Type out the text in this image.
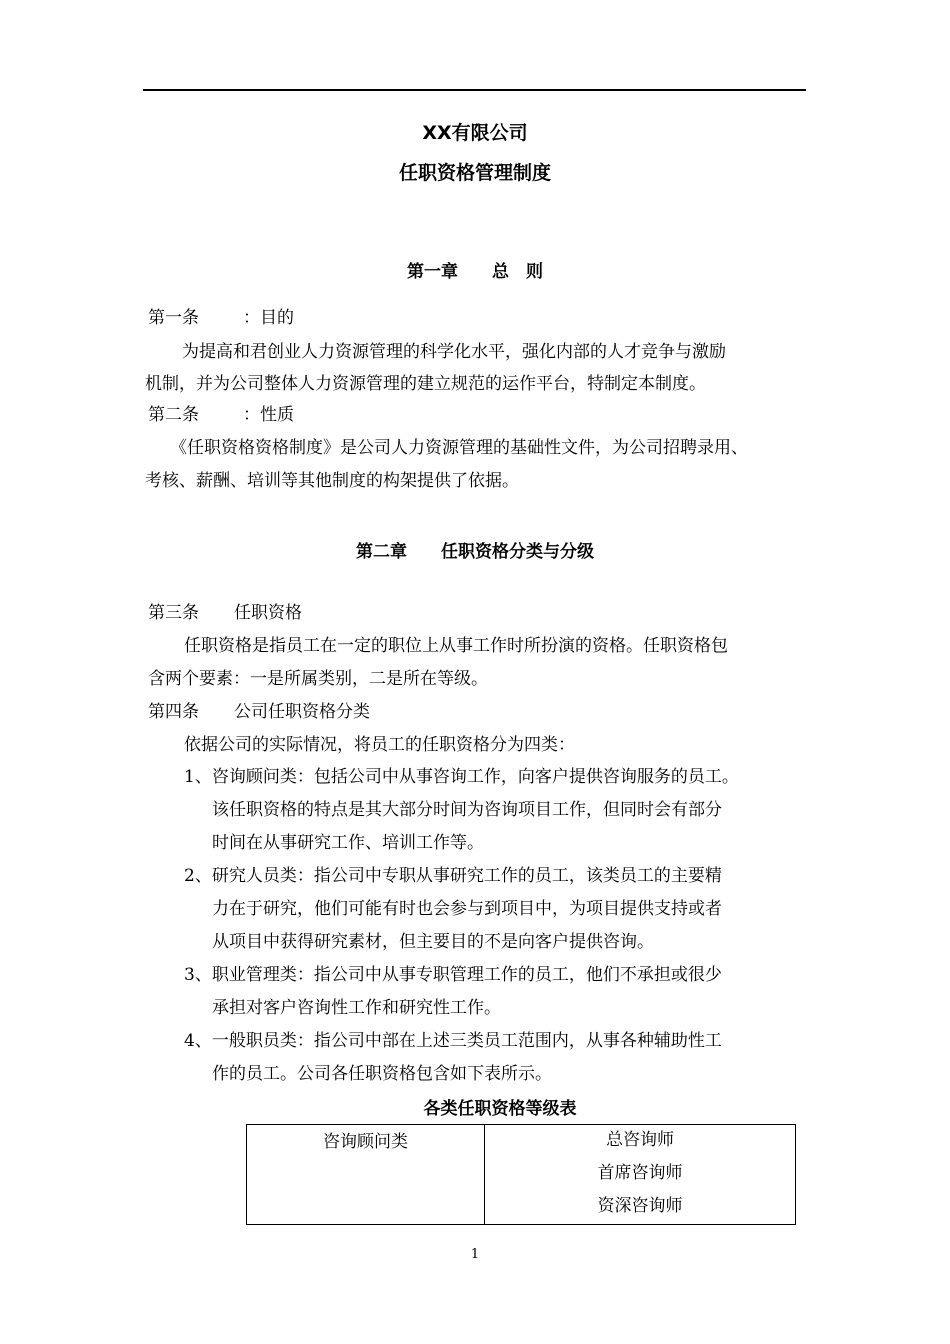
XX有限公司
任职资格管理制度
第一章　　总　则
第一条	：目的
为提高和君创业人力资源管理的科学化水平，强化内部的人才竞争与激励
机制，并为公司整体人力资源管理的建立规范的运作平台，特制定本制度。
第二条	：性质
《任职资格资格制度》是公司人力资源管理的基础性文件，为公司招聘录用、
考核、薪酬、培训等其他制度的构架提供了依据。
第二章　　任职资格分类与分级
第三条 任职资格
任职资格是指员工在一定的职位上从事工作时所扮演的资格。任职资格包
含两个要素：一是所属类别，二是所在等级。
第四条 公司任职资格分类
依据公司的实际情况，将员工的任职资格分为四类：
1、咨询顾问类：包括公司中从事咨询工作，向客户提供咨询服务的员工。
该任职资格的特点是其大部分时间为咨询项目工作，但同时会有部分
时间在从事研究工作、培训工作等。
2、研究人员类：指公司中专职从事研究工作的员工，该类员工的主要精
力在于研究，他们可能有时也会参与到项目中，为项目提供支持或者
从项目中获得研究素材，但主要目的不是向客户提供咨询。
3、职业管理类：指公司中从事专职管理工作的员工，他们不承担或很少
承担对客户咨询性工作和研究性工作。
4、一般职员类：指公司中部在上述三类员工范围内，从事各种辅助性工
作的员工。公司各任职资格包含如下表所示。
各类任职资格等级表
咨询顾问类	总咨询师
首席咨询师
资深咨询师
1
